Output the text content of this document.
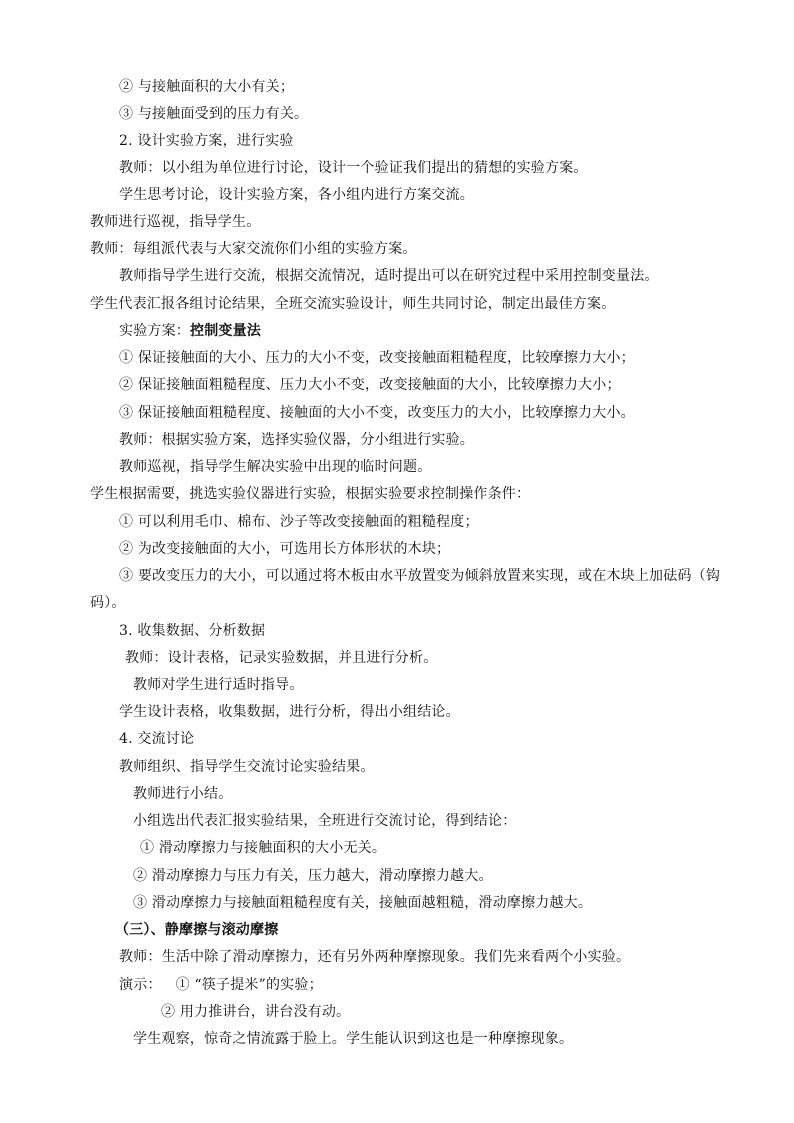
② 与接触面积的大小有关；
③ 与接触面受到的压力有关。
2. 设计实验方案，进行实验
教师：以小组为单位进行讨论，设计一个验证我们提出的猜想的实验方案。
学生思考讨论，设计实验方案，各小组内进行方案交流。
教师进行巡视，指导学生。
教师：每组派代表与大家交流你们小组的实验方案。
教师指导学生进行交流，根据交流情况，适时提出可以在研究过程中采用控制变量法。
学生代表汇报各组讨论结果，全班交流实验设计，师生共同讨论，制定出最佳方案。
实验方案：控制变量法
① 保证接触面的大小、压力的大小不变，改变接触面粗糙程度，比较摩擦力大小；
② 保证接触面粗糙程度、压力大小不变，改变接触面的大小，比较摩擦力大小；
③ 保证接触面粗糙程度、接触面的大小不变，改变压力的大小，比较摩擦力大小。
教师：根据实验方案，选择实验仪器，分小组进行实验。
教师巡视，指导学生解决实验中出现的临时问题。
学生根据需要，挑选实验仪器进行实验，根据实验要求控制操作条件：
① 可以利用毛巾、棉布、沙子等改变接触面的粗糙程度；
② 为改变接触面的大小，可选用长方体形状的木块；
③ 要改变压力的大小，可以通过将木板由水平放置变为倾斜放置来实现，或在木块上加砝码（钩
码）。
3. 收集数据、分析数据
教师：设计表格，记录实验数据，并且进行分析。
教师对学生进行适时指导。
学生设计表格，收集数据，进行分析，得出小组结论。
4. 交流讨论
教师组织、指导学生交流讨论实验结果。
教师进行小结。
小组选出代表汇报实验结果，全班进行交流讨论，得到结论：
① 滑动摩擦力与接触面积的大小无关。
② 滑动摩擦力与压力有关，压力越大，滑动摩擦力越大。
③ 滑动摩擦力与接触面粗糙程度有关，接触面越粗糙，滑动摩擦力越大。
（三）、静摩擦与滚动摩擦
教师：生活中除了滑动摩擦力，还有另外两种摩擦现象。我们先来看两个小实验。
演示： ① “筷子提米”的实验；
② 用力推讲台，讲台没有动。
学生观察，惊奇之情流露于脸上。学生能认识到这也是一种摩擦现象。
